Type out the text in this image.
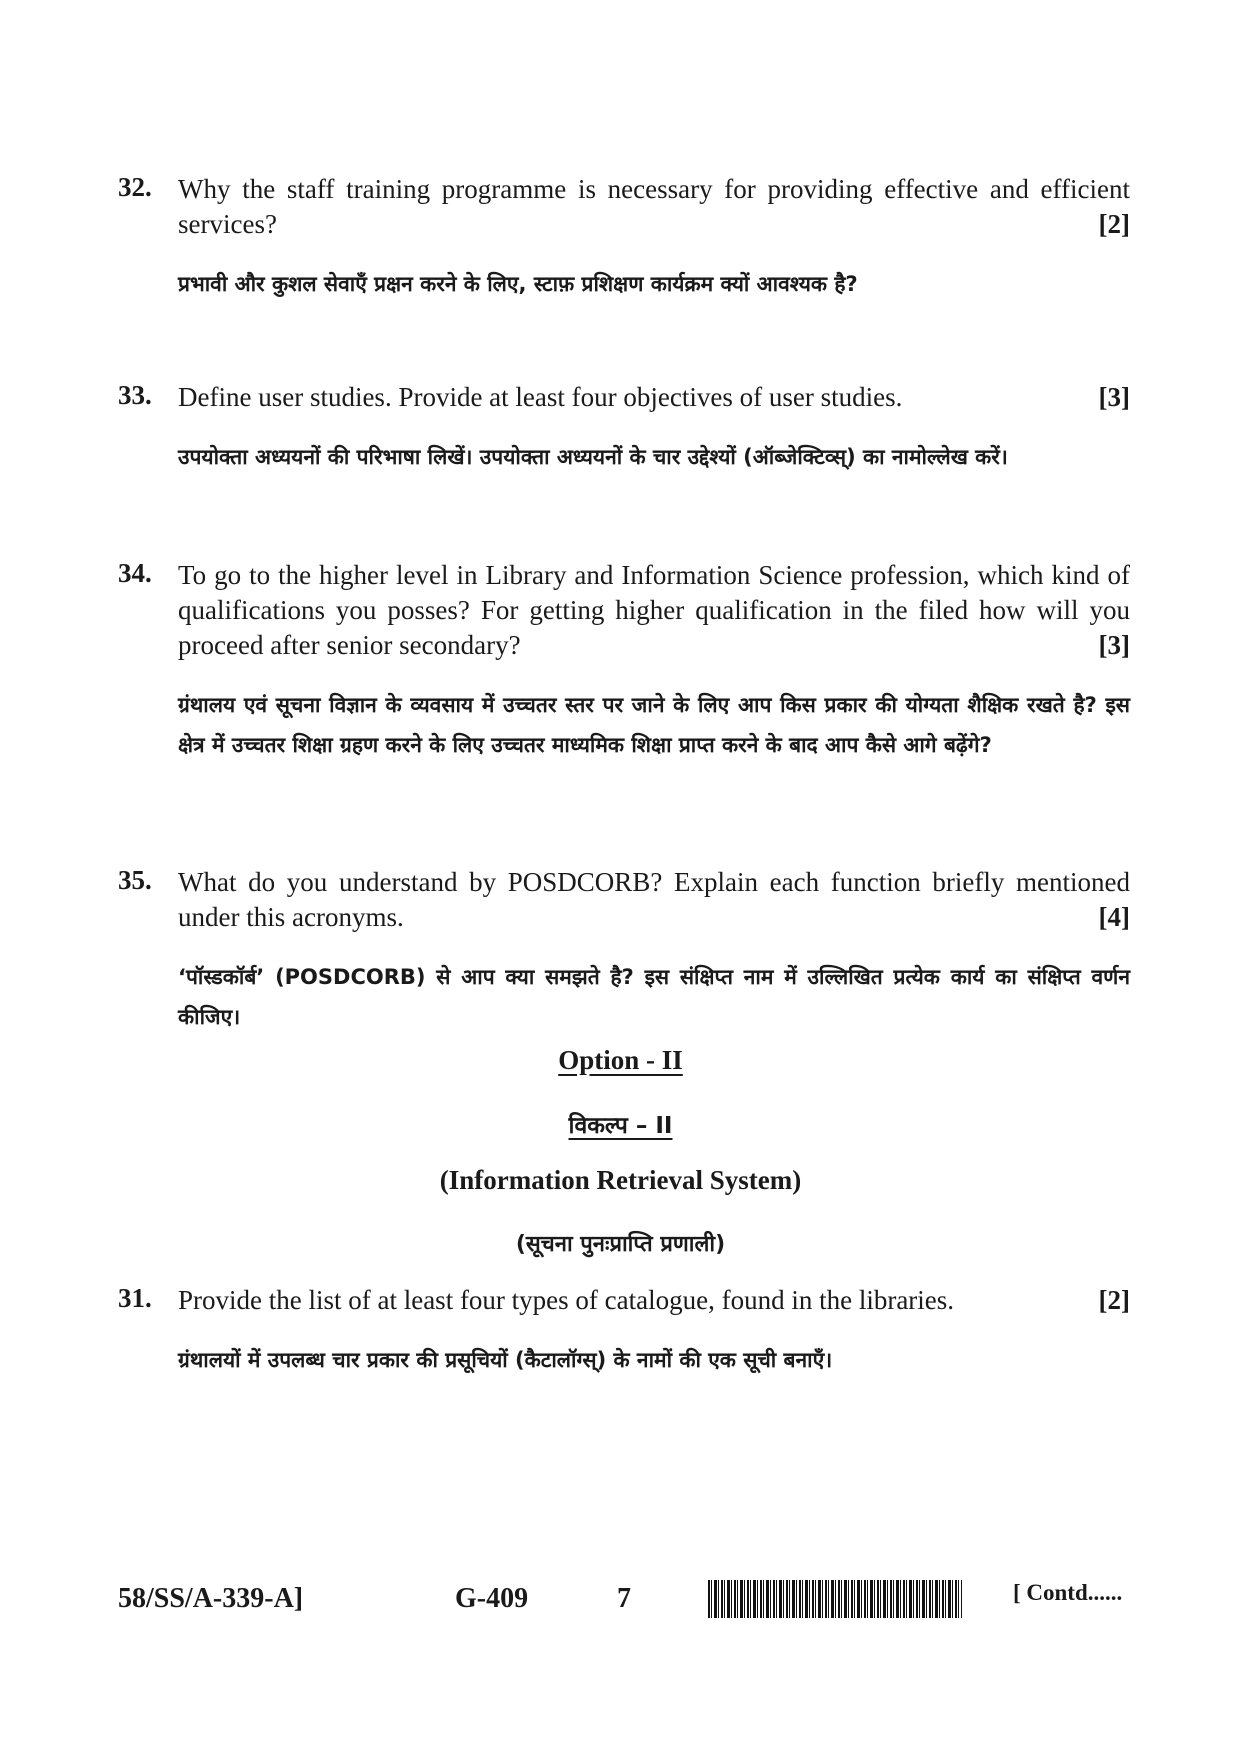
32. Why the staff training programme is necessary for providing effective and efficient services?	[2]
प्रभावी और कुशल सेवाएँ प्रक्षन करने के लिए, स्टाफ़ प्रशिक्षण कार्यक्रम क्यों आवश्यक है?
33. Define user studies. Provide at least four objectives of user studies.	[3]
उपयोक्ता अध्ययनों की परिभाषा लिखें। उपयोक्ता अध्ययनों के चार उद्देश्यों (ऑब्जेक्टिव्स्) का नामोल्लेख करें।
34. To go to the higher level in Library and Information Science profession, which kind of qualifications you posses? For getting higher qualification in the filed how will you proceed after senior secondary?	[3]
ग्रंथालय एवं सूचना विज्ञान के व्यवसाय में उच्चतर स्तर पर जाने के लिए आप किस प्रकार की योग्यता शैक्षिक रखते है? इस क्षेत्र में उच्चतर शिक्षा ग्रहण करने के लिए उच्चतर माध्यमिक शिक्षा प्राप्त करने के बाद आप कैसे आगे बढ़ेंगे?
35. What do you understand by POSDCORB? Explain each function briefly mentioned under this acronyms.	[4]
‘पॉस्डकॉर्ब’ (POSDCORB) से आप क्या समझते है? इस संक्षिप्त नाम में उल्लिखित प्रत्येक कार्य का संक्षिप्त वर्णन कीजिए।
Option - II
विकल्प – II
(Information Retrieval System)
(सूचना पुनःप्राप्ति प्रणाली)
31. Provide the list of at least four types of catalogue, found in the libraries.	[2]
ग्रंथालयों में उपलब्ध चार प्रकार की प्रसूचियों (कैटालॉग्स्) के नामों की एक सूची बनाएँ।
58/SS/A-339-A]	G-409	7	[ Contd......
